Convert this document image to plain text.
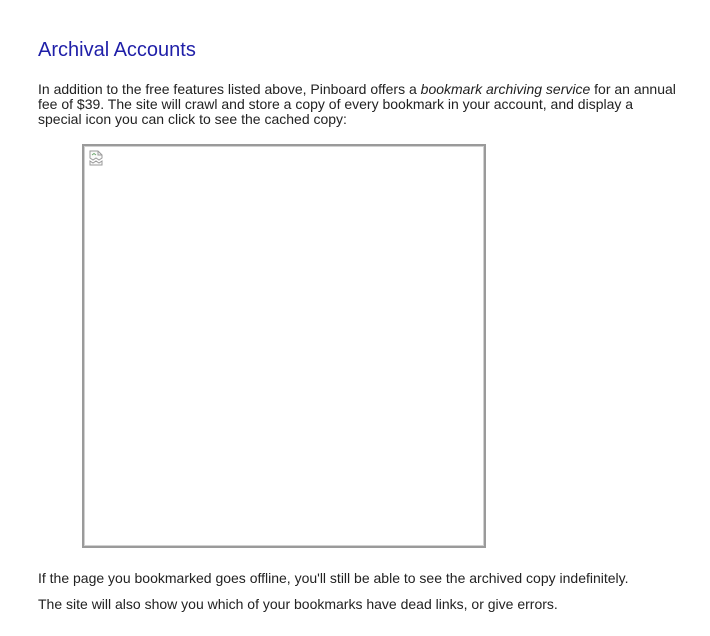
Archival Accounts

In addition to the free features listed above, Pinboard offers a bookmark archiving service for an annual fee of $39. The site will crawl and store a copy of every bookmark in your account, and display a special icon you can click to see the cached copy:

If the page you bookmarked goes offline, you'll still be able to see the archived copy indefinitely.

The site will also show you which of your bookmarks have dead links, or give errors.
